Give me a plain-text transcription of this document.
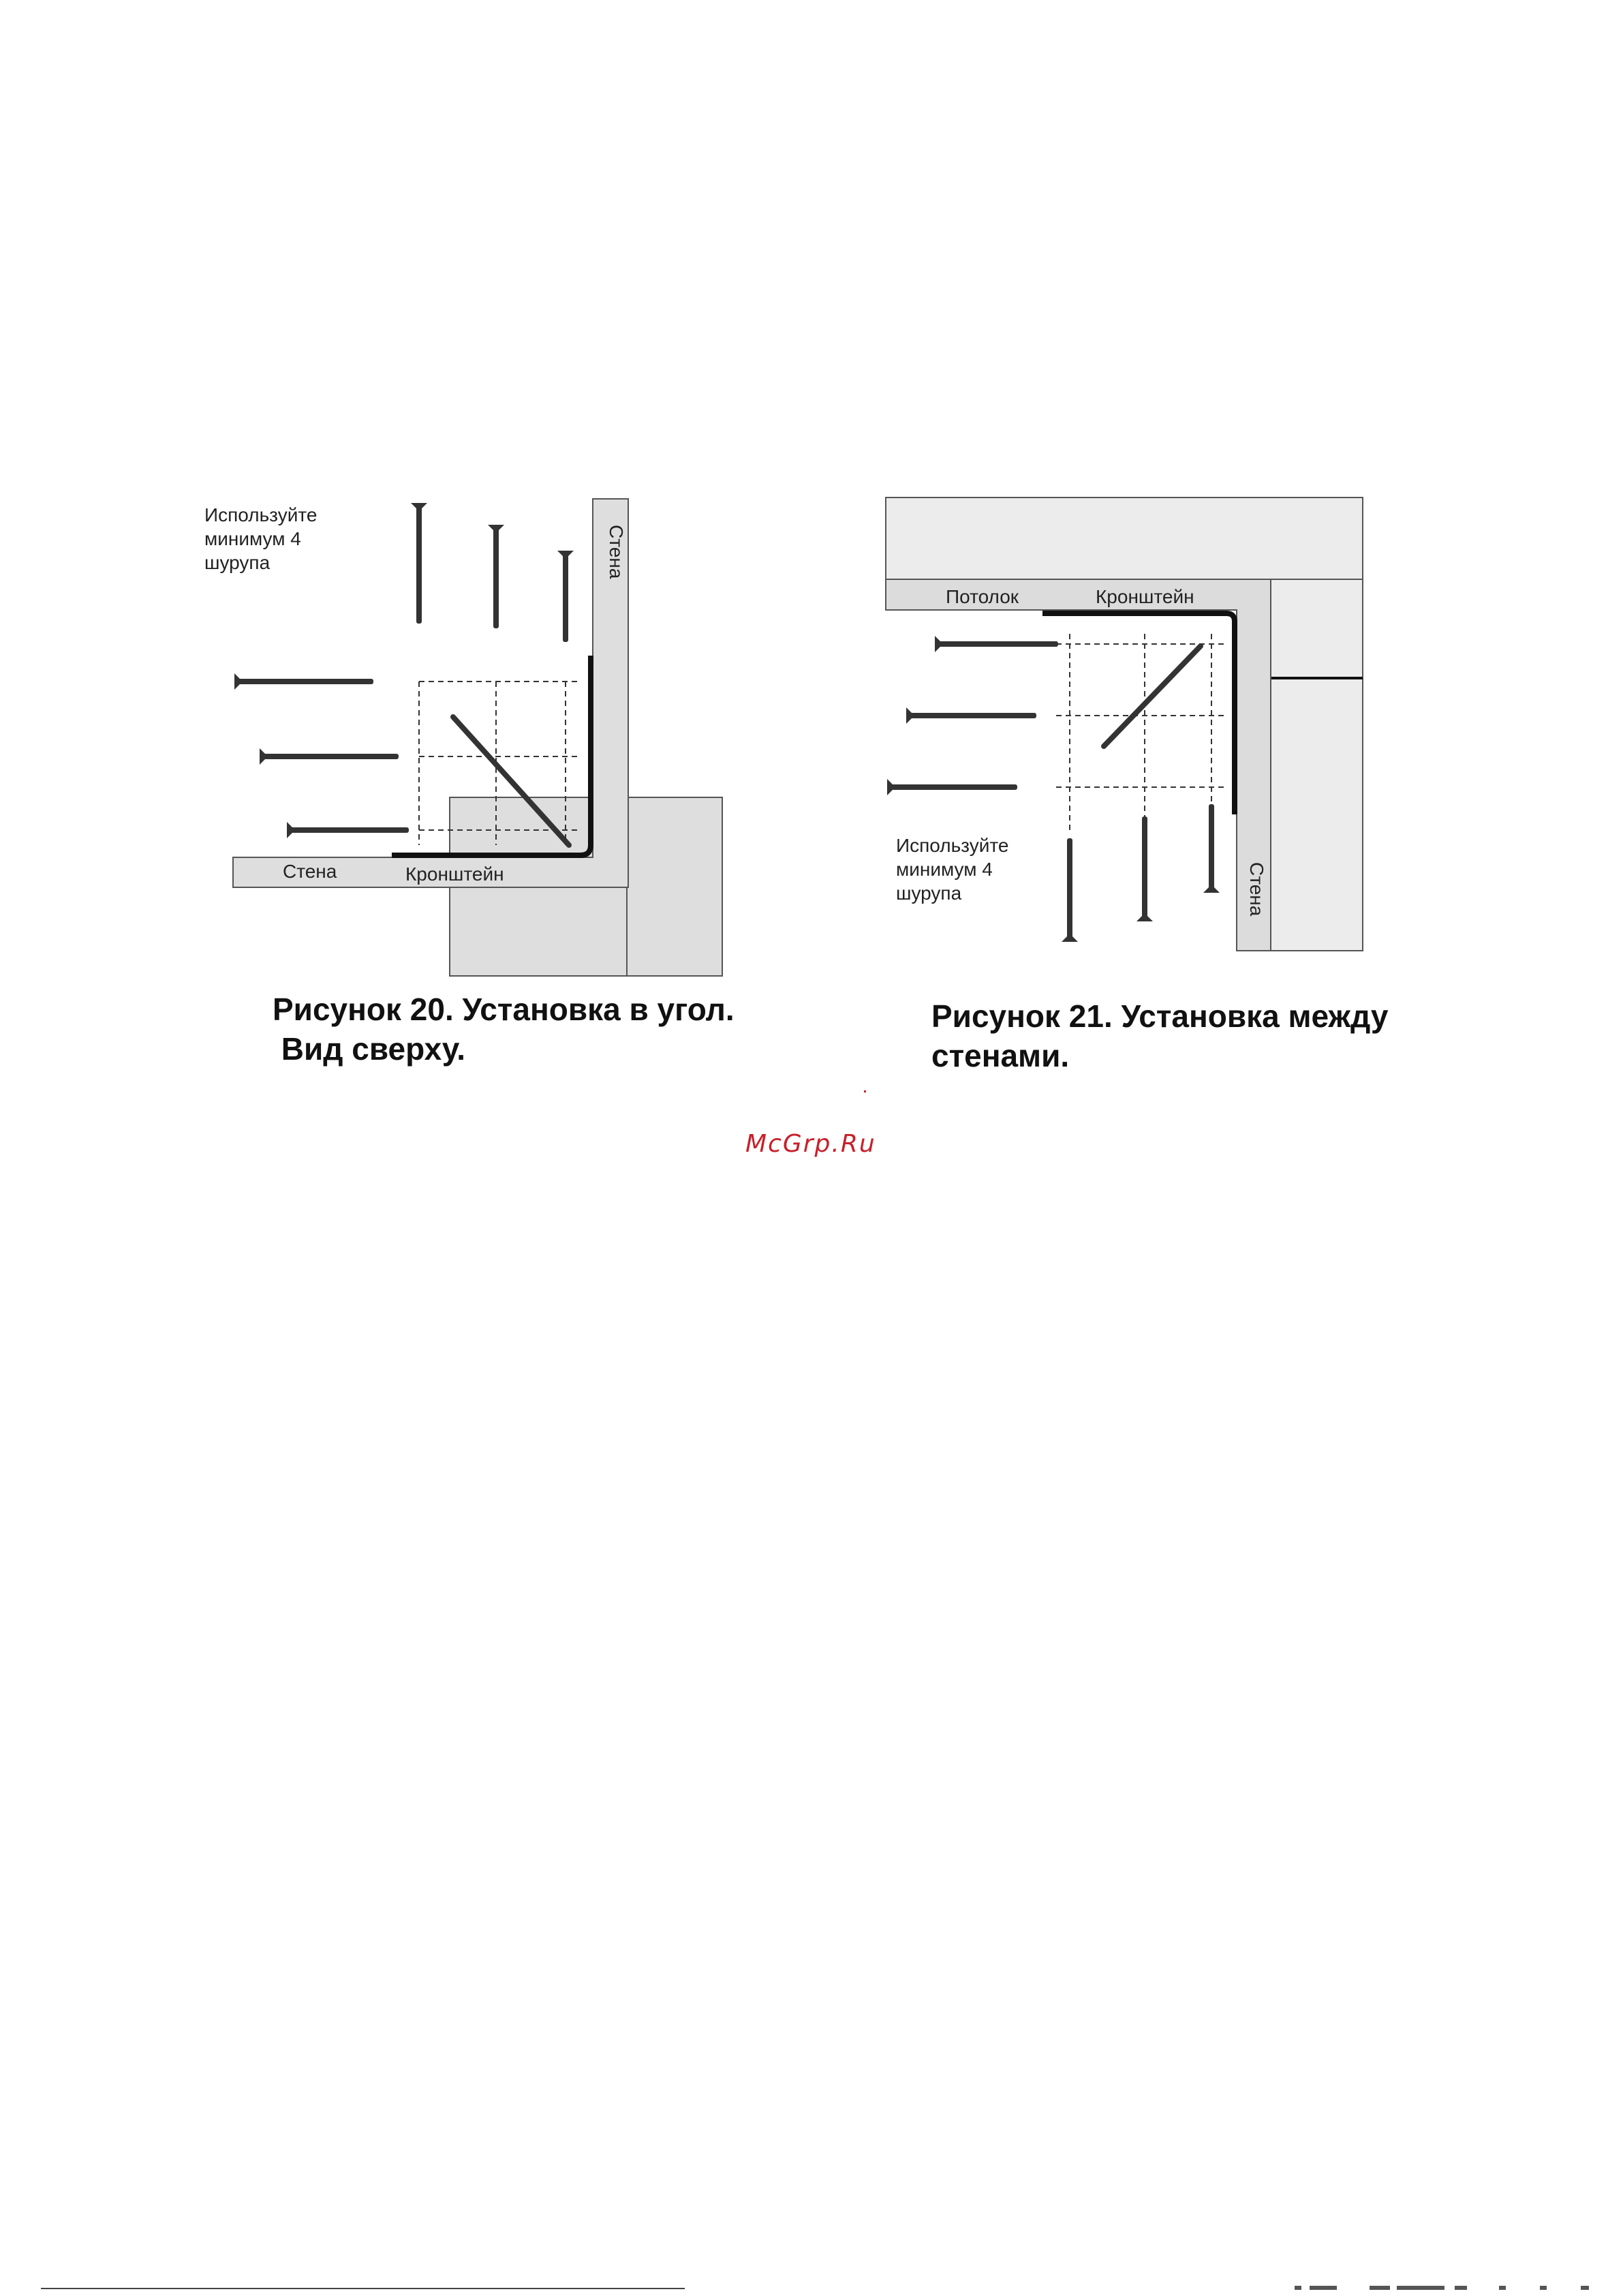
Используйте
минимум 4
шурупа	Стена
Стена	Кронштейн
Рисунок 20. Установка в угол.
Вид сверху.
Потолок	Кронштейн
Стена
Используйте
минимум 4
шурупа
Рисунок 21. Установка между
стенами.
McGrp.Ru
